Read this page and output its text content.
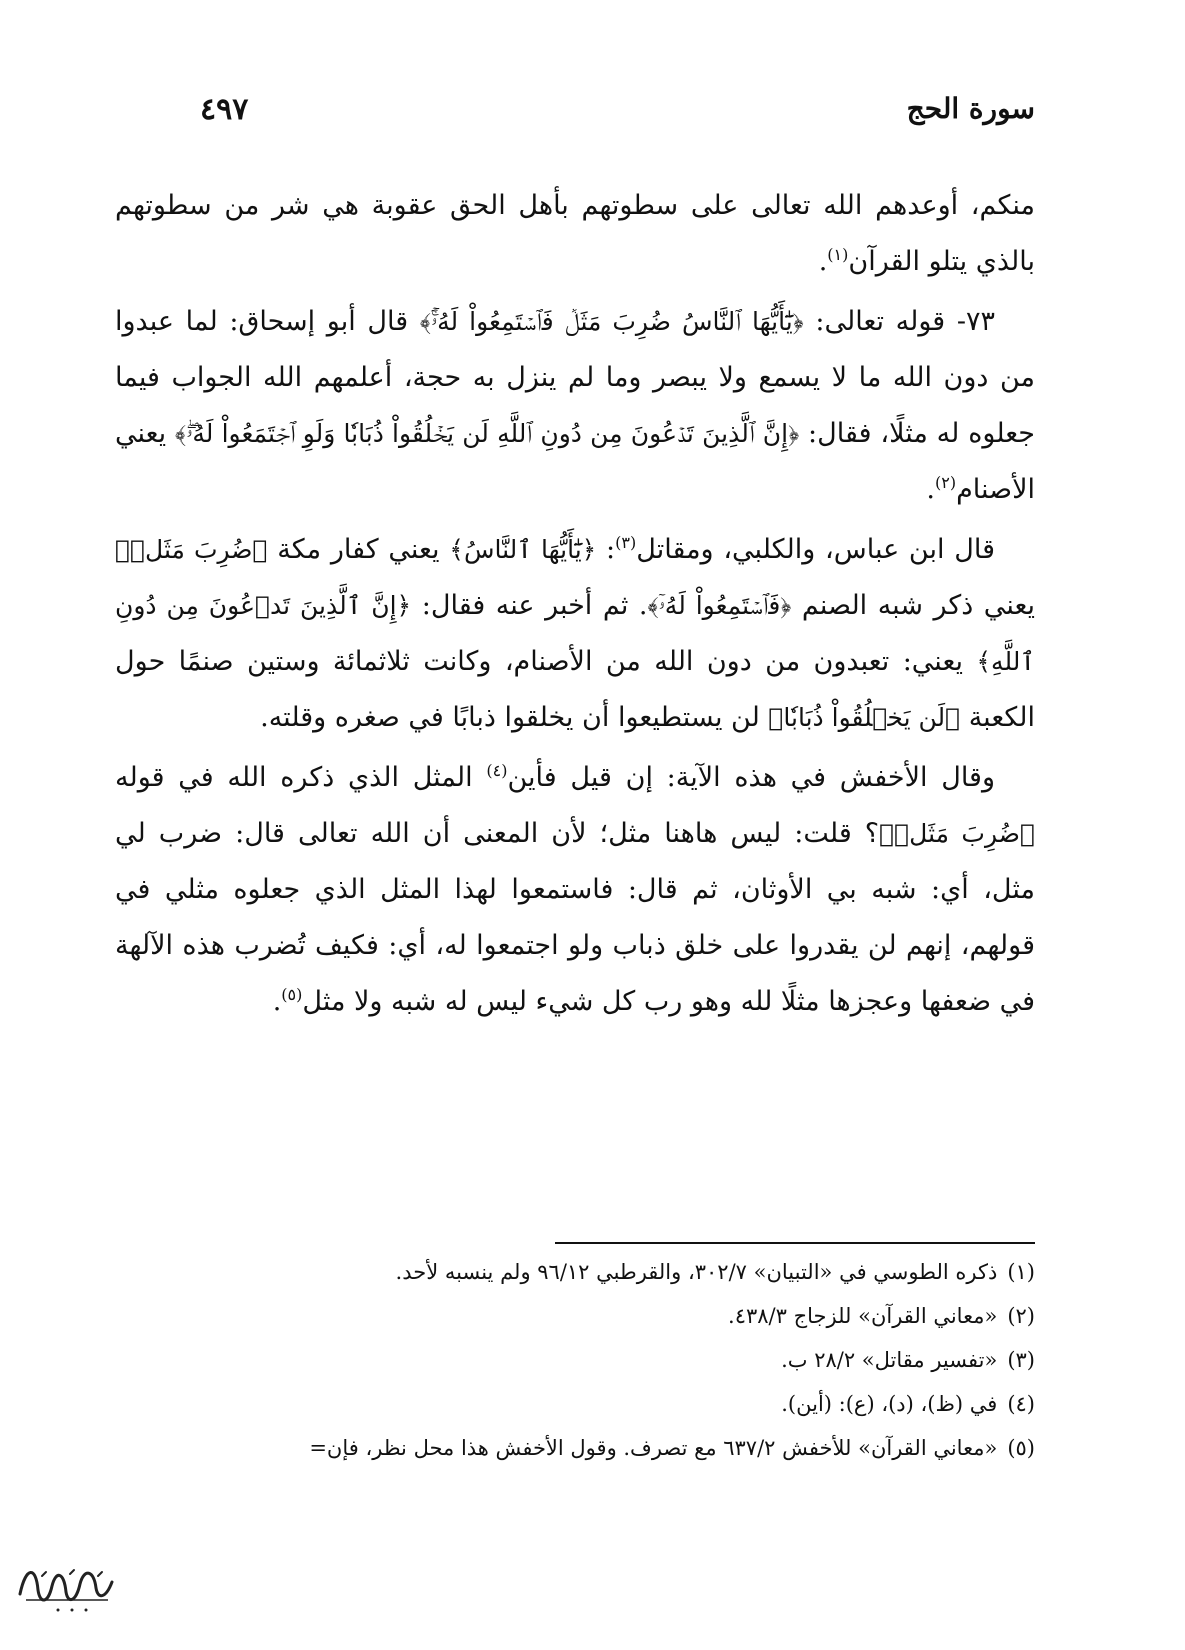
سورة الحج
٤٩٧

منكم، أوعدهم الله تعالى على سطوتهم بأهل الحق عقوبة هي شر من سطوتهم بالذي يتلو القرآن$^{(١)}$.

٧٣- قوله تعالى: ﴿يَٰٓأَيُّهَا ٱلنَّاسُ ضُرِبَ مَثَلٞ فَٱسۡتَمِعُواْ لَهُۥٓۚ﴾ قال أبو إسحاق: لما عبدوا من دون الله ما لا يسمع ولا يبصر وما لم ينزل به حجة، أعلمهم الله الجواب فيما جعلوه له مثلًا، فقال: ﴿إِنَّ ٱلَّذِينَ تَدۡعُونَ مِن دُونِ ٱللَّهِ لَن يَخۡلُقُواْ ذُبَابٗا وَلَوِ ٱجۡتَمَعُواْ لَهُۥۖ﴾ يعني الأصنام$^{(٢)}$.

قال ابن عباس، والكلبي، ومقاتل$^{(٣)}$: ﴿يَٰٓأَيُّهَا ٱلنَّاسُ﴾ يعني كفار مكة ﴿ضُرِبَ مَثَلٞ﴾ يعني ذكر شبه الصنم ﴿فَٱسۡتَمِعُواْ لَهُۥٓ﴾. ثم أخبر عنه فقال: ﴿إِنَّ ٱلَّذِينَ تَدۡعُونَ مِن دُونِ ٱللَّهِ﴾ يعني: تعبدون من دون الله من الأصنام، وكانت ثلاثمائة وستين صنمًا حول الكعبة ﴿لَن يَخۡلُقُواْ ذُبَابٗا﴾ لن يستطيعوا أن يخلقوا ذبابًا في صغره وقلته.

وقال الأخفش في هذه الآية: إن قيل فأين$^{(٤)}$ المثل الذي ذكره الله في قوله ﴿ضُرِبَ مَثَلٞ﴾؟ قلت: ليس هاهنا مثل؛ لأن المعنى أن الله تعالى قال: ضرب لي مثل، أي: شبه بي الأوثان، ثم قال: فاستمعوا لهذا المثل الذي جعلوه مثلي في قولهم، إنهم لن يقدروا على خلق ذباب ولو اجتمعوا له، أي: فكيف تُضرب هذه الآلهة في ضعفها وعجزها مثلًا لله وهو رب كل شيء ليس له شبه ولا مثل$^{(٥)}$.

(١)ذكره الطوسي في «التبيان» ٣٠٢/٧، والقرطبي ٩٦/١٢ ولم ينسبه لأحد.
(٢)«معاني القرآن» للزجاج ٤٣٨/٣.
(٣)«تفسير مقاتل» ٢٨/٢ ب.
(٤)في (ظ)، (د)، (ع): (أين).
(٥)«معاني القرآن» للأخفش ٦٣٧/٢ مع تصرف. وقول الأخفش هذا محل نظر، فإن=
